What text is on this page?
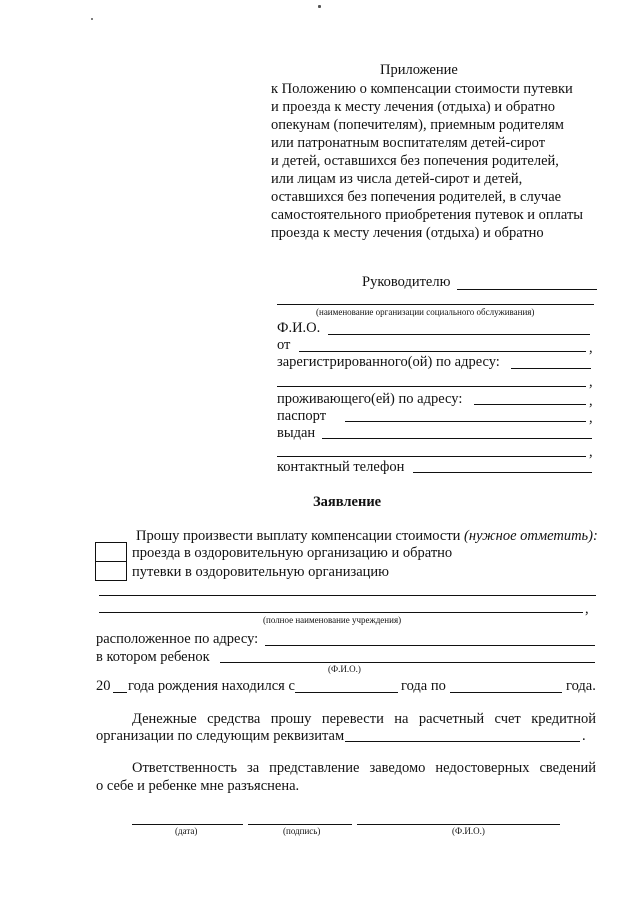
Приложение
к Положению о компенсации стоимости путевки
и проезда к месту лечения (отдыха) и обратно
опекунам (попечителям), приемным родителям
или патронатным воспитателям детей-сирот
и детей, оставшихся без попечения родителей,
или лицам из числа детей-сирот и детей,
оставшихся без попечения родителей, в случае
самостоятельного приобретения путевок и оплаты
проезда к месту лечения (отдыха) и обратно
Руководителю
(наименование организации социального обслуживания)
Ф.И.О.
от	,
зарегистрированного(ой) по адресу:
,
проживающего(ей) по адресу:	,
паспорт	,
выдан
,
контактный телефон
Заявление
Прошу произвести выплату компенсации стоимости (нужное отметить):
проезда в оздоровительную организацию и обратно
путевки в оздоровительную организацию
,
(полное наименование учреждения)
расположенное по адресу:
в котором ребенок
(Ф.И.О.)
20 года рождения находился с	года по	года.
Денежные средства прошу перевести на расчетный счет кредитной
организации по следующим реквизитам	.
Ответственность за представление заведомо недостоверных сведений
о себе и ребенке мне разъяснена.
(дата)	(подпись)	(Ф.И.О.)
